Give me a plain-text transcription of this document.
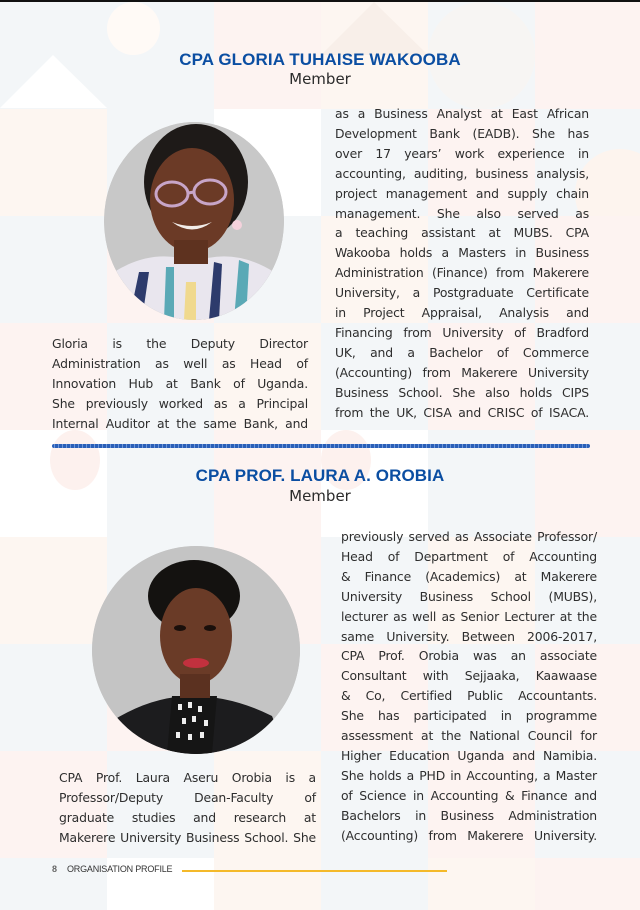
CPA GLORIA TUHAISE WAKOOBA
Member

Gloria is the Deputy Director
Administration as well as Head of
Innovation Hub at Bank of Uganda.
She previously worked as a Principal
Internal Auditor at the same Bank, and

as a Business Analyst at East African
Development Bank (EADB). She has
over 17 years’ work experience in
accounting, auditing, business analysis,
project management and supply chain
management. She also served as
a teaching assistant at MUBS. CPA
Wakooba holds a Masters in Business
Administration (Finance) from Makerere
University, a Postgraduate Certificate
in Project Appraisal, Analysis and
Financing from University of Bradford
UK, and a Bachelor of Commerce
(Accounting) from Makerere University
Business School. She also holds CIPS
from the UK, CISA and CRISC of ISACA.

CPA PROF. LAURA A. OROBIA
Member

CPA Prof. Laura Aseru Orobia is a
Professor/Deputy Dean-Faculty of
graduate studies and research at
Makerere University Business School. She

previously served as Associate Professor/
Head of Department of Accounting
& Finance (Academics) at Makerere
University Business School (MUBS),
lecturer as well as Senior Lecturer at the
same University. Between 2006-2017,
CPA Prof. Orobia was an associate
Consultant with Sejjaaka, Kaawaase
& Co, Certified Public Accountants.
She has participated in programme
assessment at the National Council for
Higher Education Uganda and Namibia.
She holds a PHD in Accounting, a Master
of Science in Accounting & Finance and
Bachelors in Business Administration
(Accounting) from Makerere University.

8 ORGANISATION PROFILE
